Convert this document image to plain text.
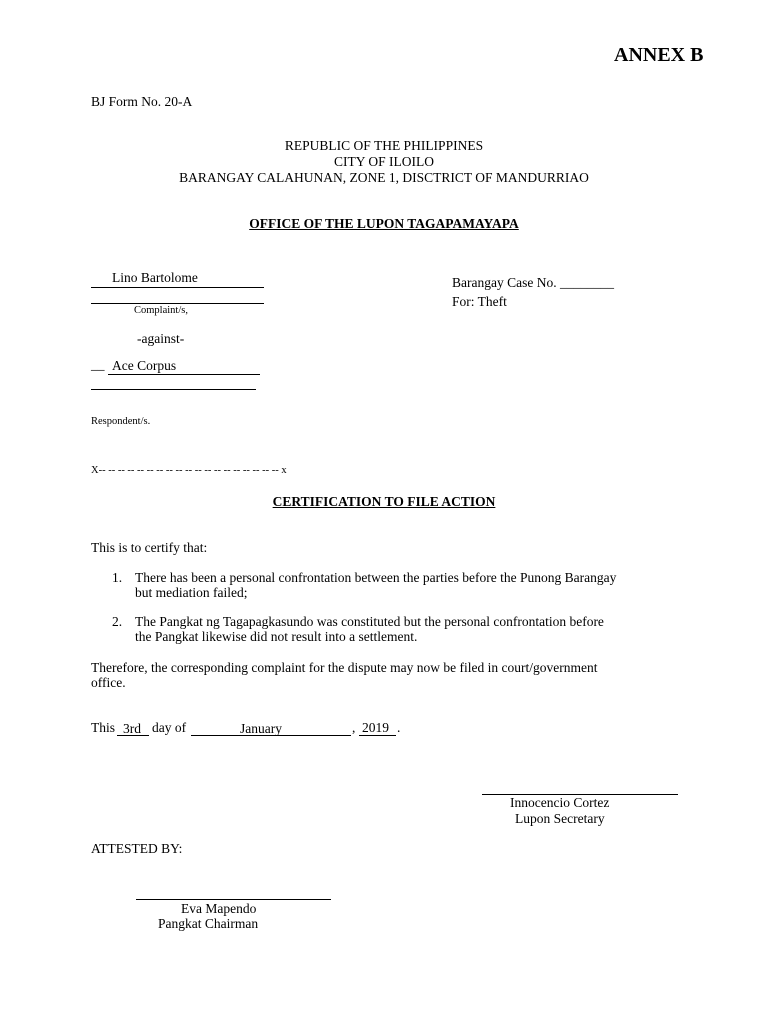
ANNEX B
BJ Form No. 20-A
REPUBLIC OF THE PHILIPPINES
CITY OF ILOILO
BARANGAY CALAHUNAN, ZONE 1, DISCTRICT OF MANDURRIAO
OFFICE OF THE LUPON TAGAPAMAYAPA
Lino Bartolome
Complaint/s,
Barangay Case No. ________
For: Theft
-against-
__ Ace Corpus
Respondent/s.
X-- -- -- -- -- -- -- -- -- -- -- -- -- -- -- -- -- -- -- x
CERTIFICATION TO FILE ACTION
This is to certify that:
1. There has been a personal confrontation between the parties before the Punong Barangay
but mediation failed;
2. The Pangkat ng Tagapagkasundo was constituted but the personal confrontation before
the Pangkat likewise did not result into a settlement.
Therefore, the corresponding complaint for the dispute may now be filed in court/government
office.
This 3rd day of	January	, 2019 .
Innocencio Cortez
Lupon Secretary
ATTESTED BY:
Eva Mapendo
Pangkat Chairman
